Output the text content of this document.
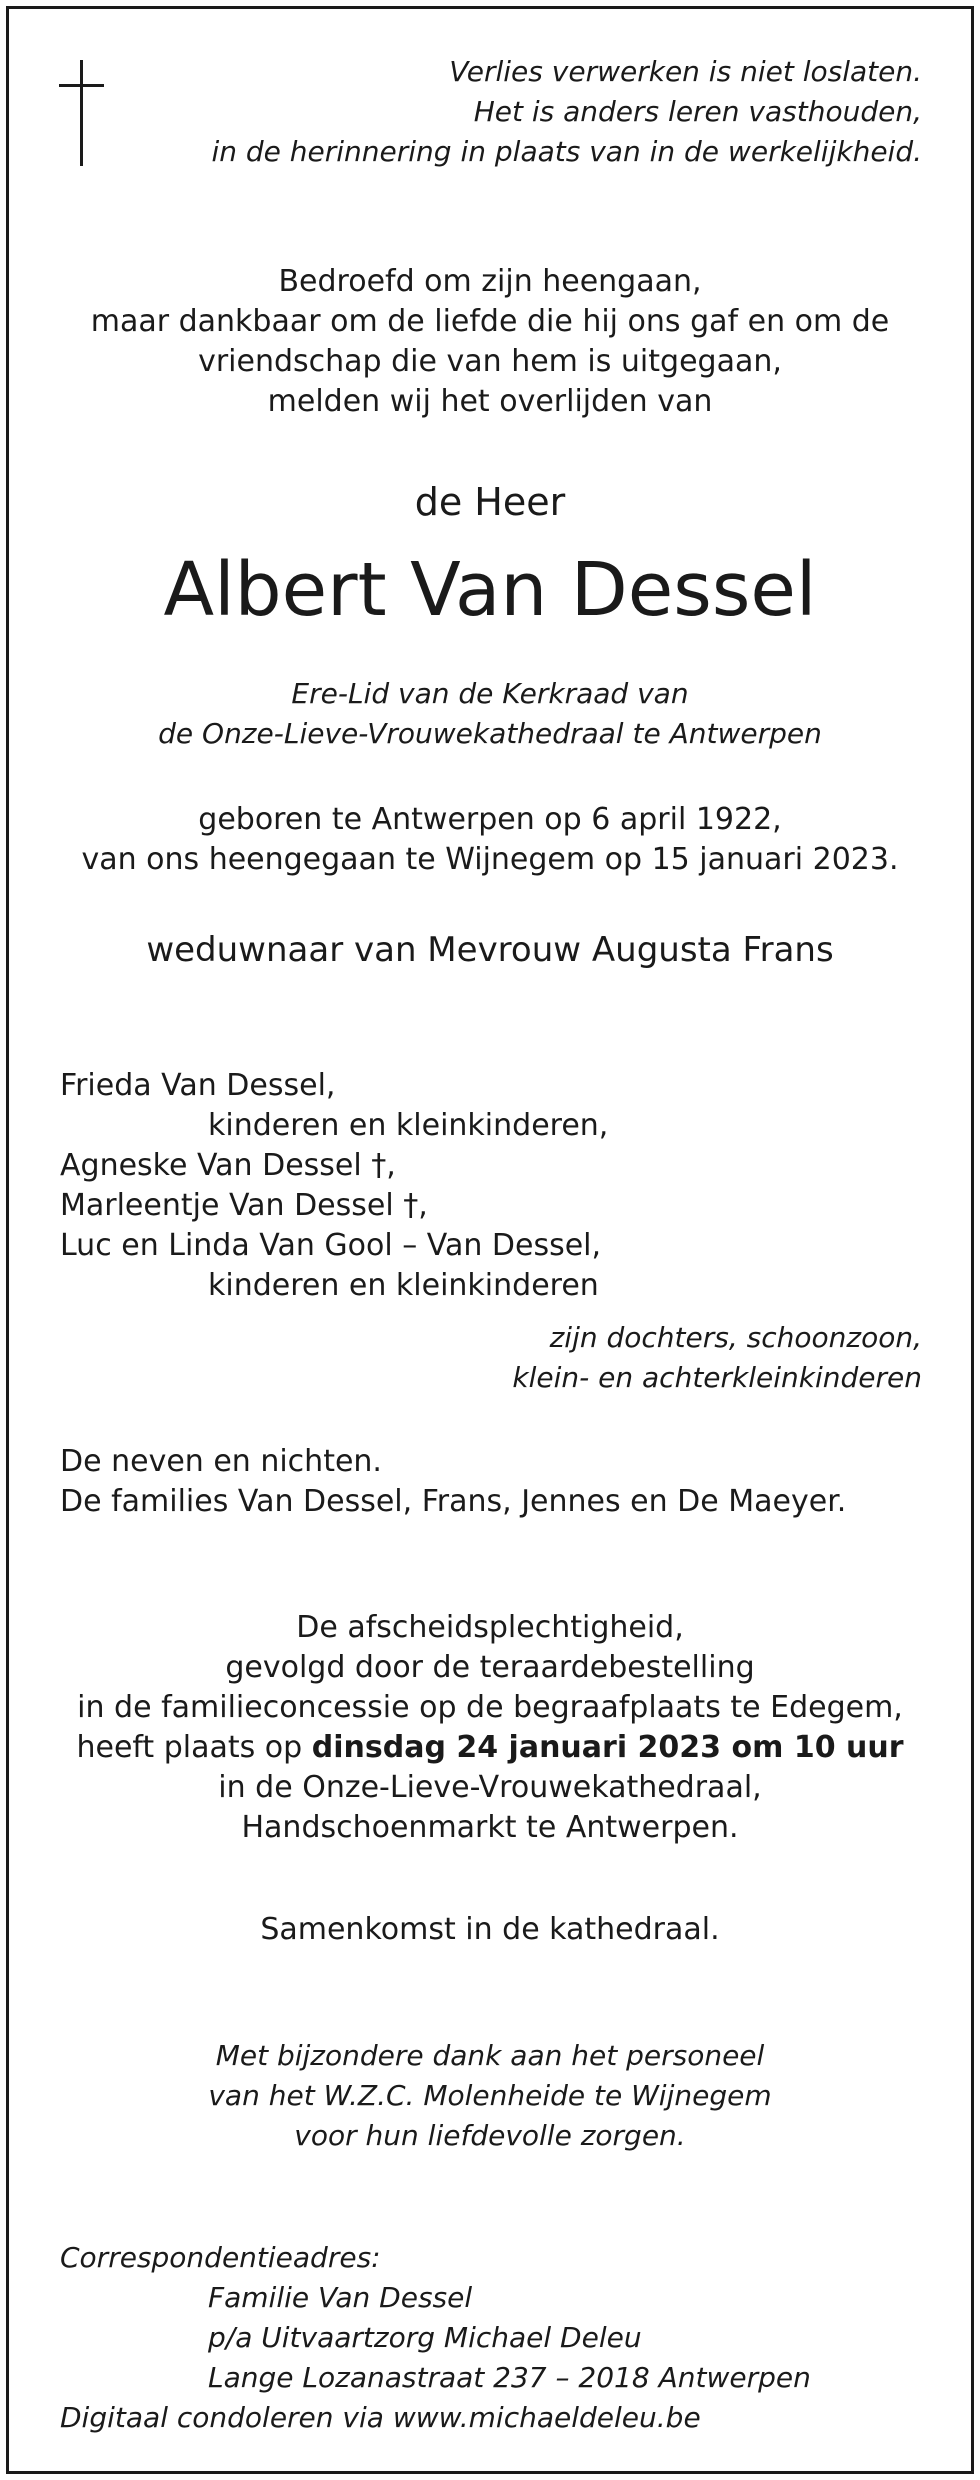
Verlies verwerken is niet loslaten.
Het is anders leren vasthouden,
in de herinnering in plaats van in de werkelijkheid.
Bedroefd om zijn heengaan,
maar dankbaar om de liefde die hij ons gaf en om de
vriendschap die van hem is uitgegaan,
melden wij het overlijden van
de Heer
Albert Van Dessel
Ere-Lid van de Kerkraad van
de Onze-Lieve-Vrouwekathedraal te Antwerpen
geboren te Antwerpen op 6 april 1922,
van ons heengegaan te Wijnegem op 15 januari 2023.
weduwnaar van Mevrouw Augusta Frans
Frieda Van Dessel,
kinderen en kleinkinderen,
Agneske Van Dessel †,
Marleentje Van Dessel †,
Luc en Linda Van Gool – Van Dessel,
kinderen en kleinkinderen
zijn dochters, schoonzoon,
klein- en achterkleinkinderen
De neven en nichten.
De families Van Dessel, Frans, Jennes en De Maeyer.
De afscheidsplechtigheid,
gevolgd door de teraardebestelling
in de familieconcessie op de begraafplaats te Edegem,
heeft plaats op dinsdag 24 januari 2023 om 10 uur
in de Onze-Lieve-Vrouwekathedraal,
Handschoenmarkt te Antwerpen.
Samenkomst in de kathedraal.
Met bijzondere dank aan het personeel
van het W.Z.C. Molenheide te Wijnegem
voor hun liefdevolle zorgen.
Correspondentieadres:
Familie Van Dessel
p/a Uitvaartzorg Michael Deleu
Lange Lozanastraat 237 – 2018 Antwerpen
Digitaal condoleren via www.michaeldeleu.be
